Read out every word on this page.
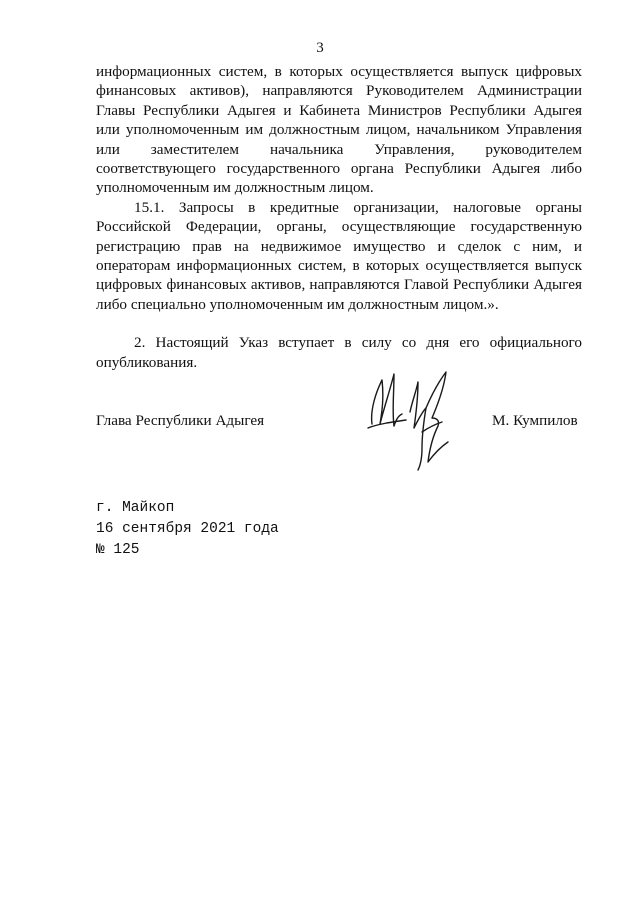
3

информационных систем, в которых осуществляется выпуск цифровых финансовых активов), направляются Руководителем Администрации Главы Республики Адыгея и Кабинета Министров Республики Адыгея или уполномоченным им должностным лицом, начальником Управления или заместителем начальника Управления, руководителем соответствующего государственного органа Республики Адыгея либо уполномоченным им должностным лицом.

15.1. Запросы в кредитные организации, налоговые органы Российской Федерации, органы, осуществляющие государственную регистрацию прав на недвижимое имущество и сделок с ним, и операторам информационных систем, в которых осуществляется выпуск цифровых финансовых активов, направляются Главой Республики Адыгея либо специально уполномоченным им должностным лицом.».

2. Настоящий Указ вступает в силу со дня его официального опубликования.

Глава Республики Адыгея	М. Кумпилов
г. Майкоп
16 сентября 2021 года
№ 125
